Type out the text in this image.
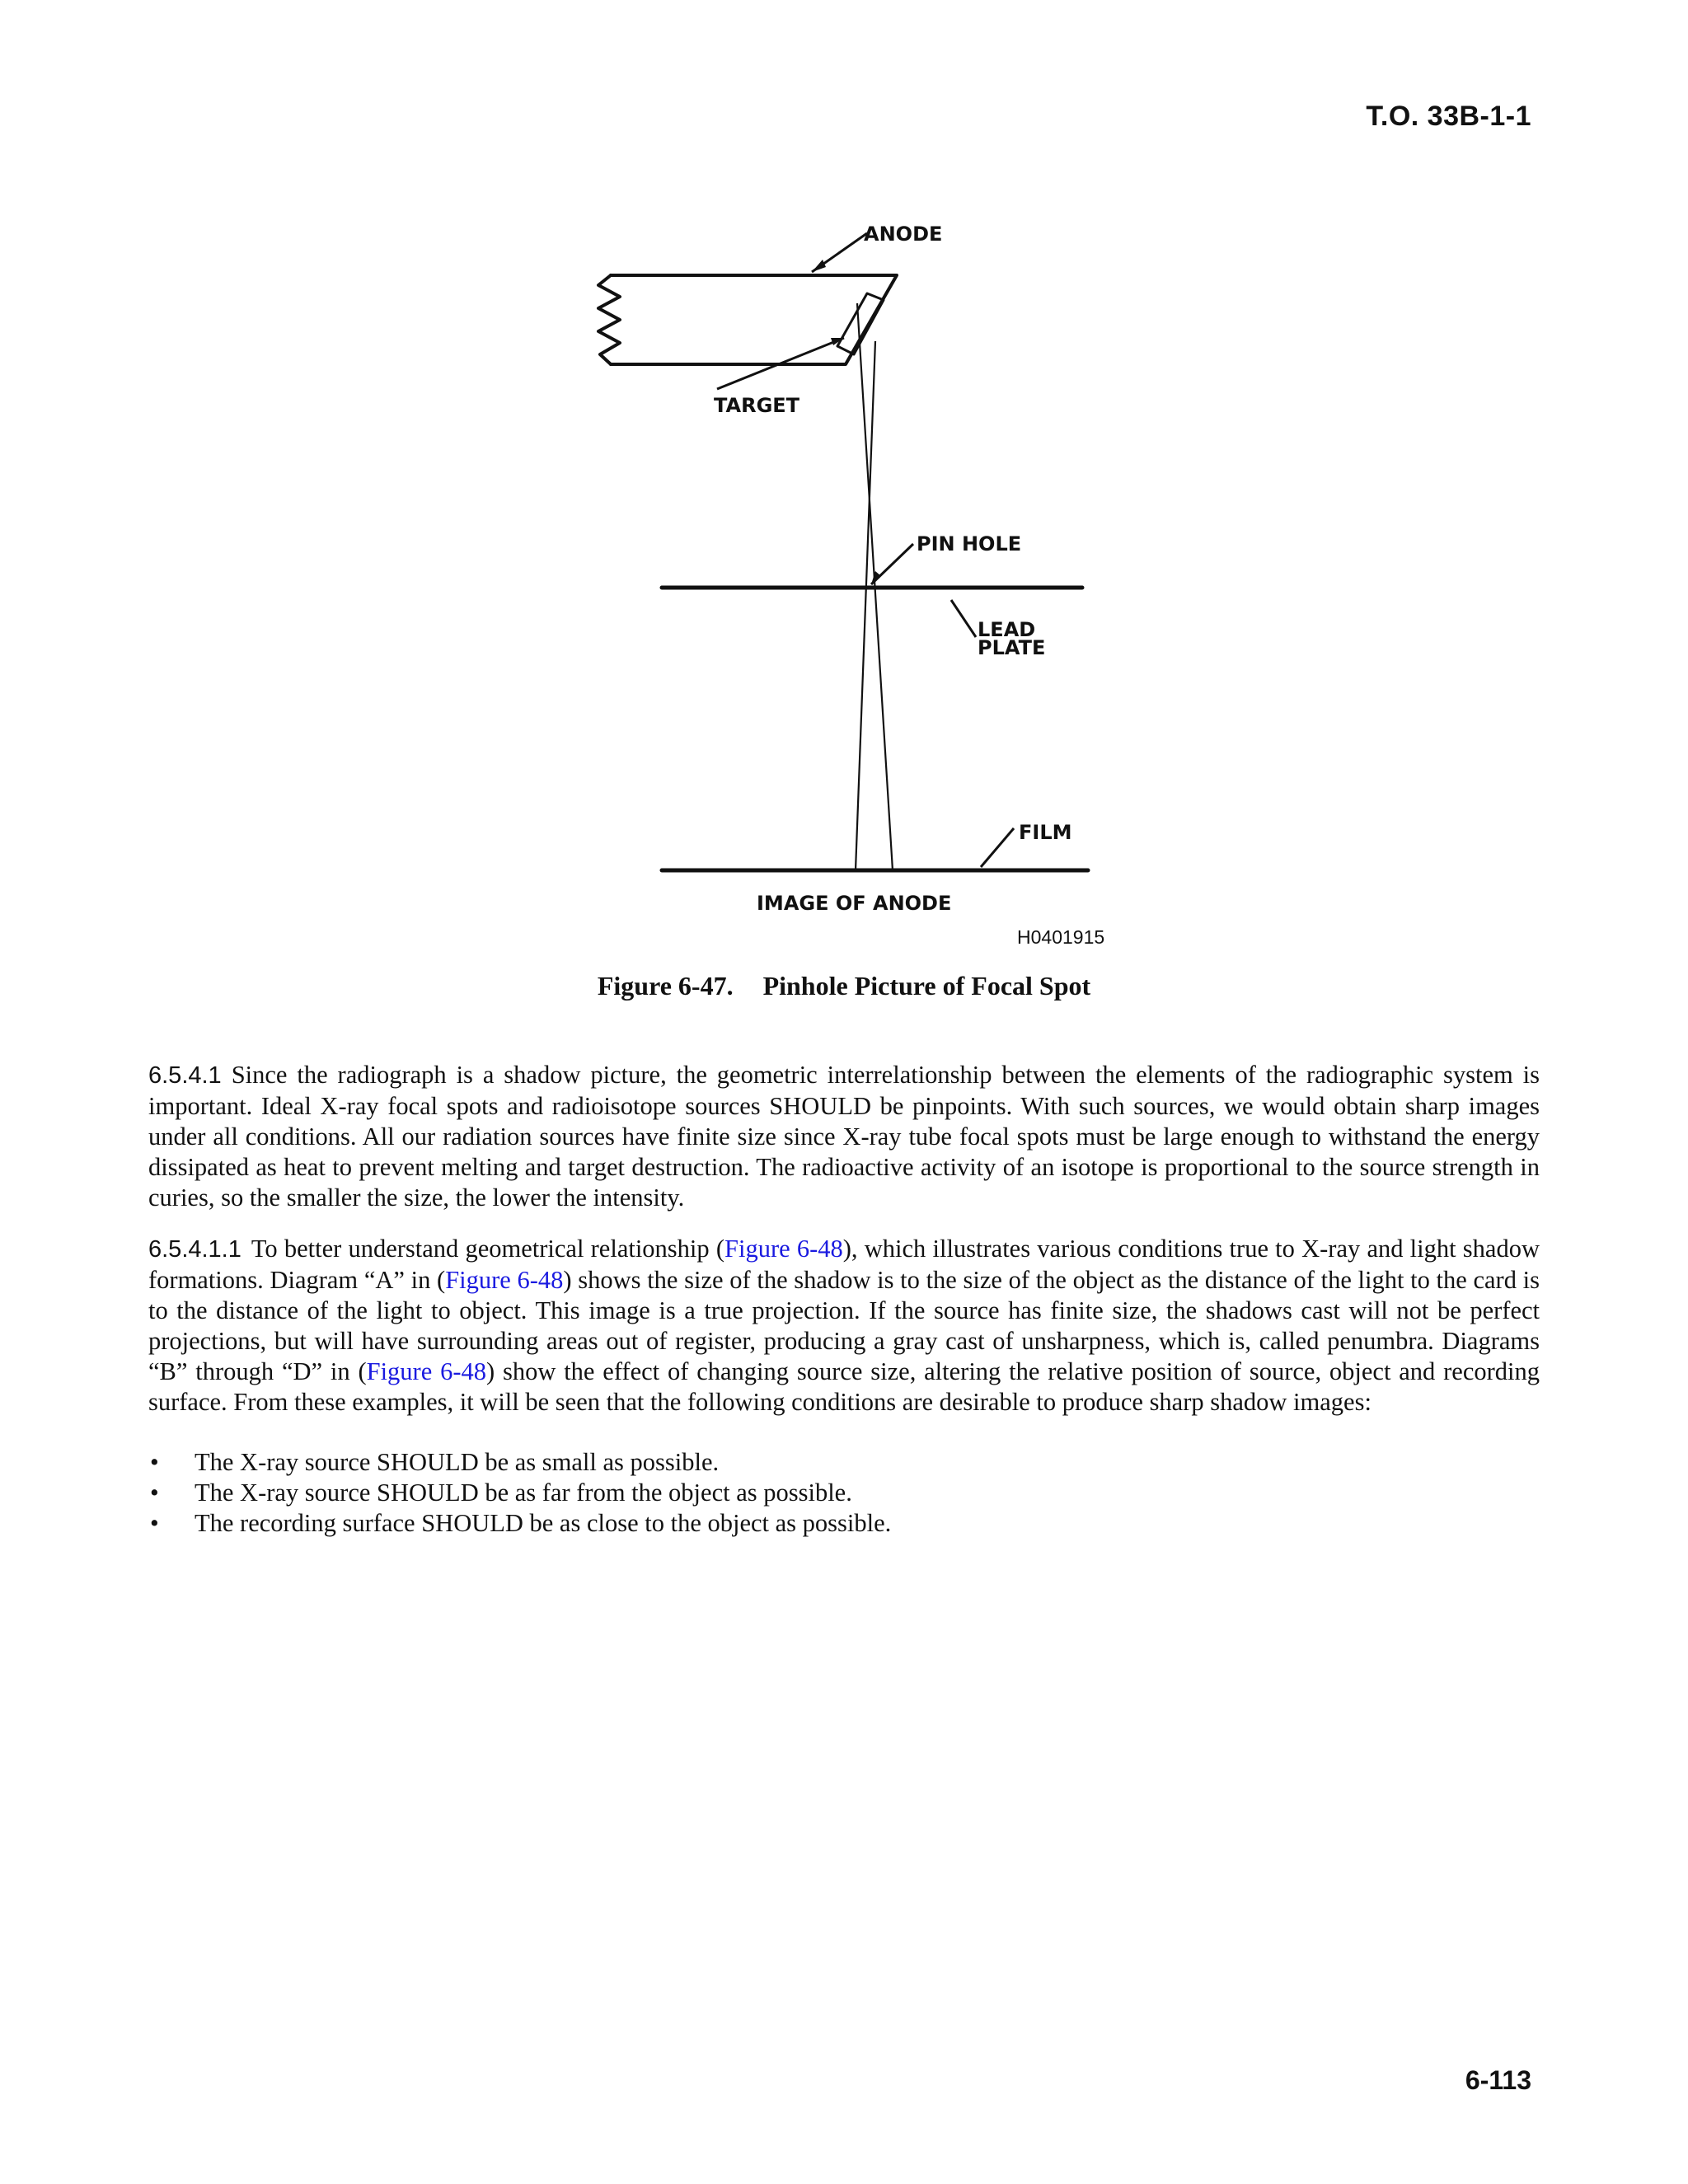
T.O. 33B-1-1
ANODE
TARGET
PIN HOLE
LEAD
PLATE
FILM
IMAGE OF ANODE
H0401915
Figure 6-47. Pinhole Picture of Focal Spot

6.5.4.1 Since the radiograph is a shadow picture, the geometric interrelationship between the elements of the radiographic system is important. Ideal X-ray focal spots and radioisotope sources SHOULD be pinpoints. With such sources, we would obtain sharp images under all conditions. All our radiation sources have finite size since X-ray tube focal spots must be large enough to withstand the energy dissipated as heat to prevent melting and target destruction. The radioactive activity of an isotope is proportional to the source strength in curies, so the smaller the size, the lower the intensity.

6.5.4.1.1 To better understand geometrical relationship (Figure 6-48), which illustrates various conditions true to X-ray and light shadow formations. Diagram “A” in (Figure 6-48) shows the size of the shadow is to the size of the object as the distance of the light to the card is to the distance of the light to object. This image is a true projection. If the source has finite size, the shadows cast will not be perfect projections, but will have surrounding areas out of register, producing a gray cast of unsharpness, which is, called penumbra. Diagrams “B” through “D” in (Figure 6-48) show the effect of changing source size, altering the relative position of source, object and recording surface. From these examples, it will be seen that the following conditions are desirable to produce sharp shadow images:

• The X-ray source SHOULD be as small as possible.
• The X-ray source SHOULD be as far from the object as possible.
• The recording surface SHOULD be as close to the object as possible.
6-113
